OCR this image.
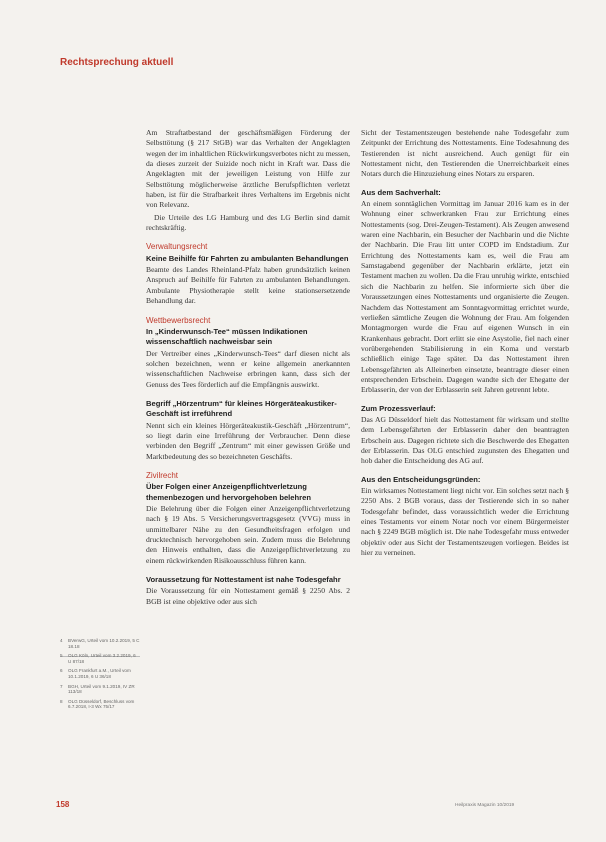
Rechtsprechung aktuell

Am Straftatbestand der geschäftsmäßigen Förderung der Selbsttötung (§ 217 StGB) war das Verhalten der Angeklagten wegen der im inhaltlichen Rückwirkungsverbotes nicht zu messen, da dieses zurzeit der Suizide noch nicht in Kraft war. Dass die Angeklagten mit der jeweiligen Leistung von Hilfe zur Selbsttötung möglicherweise ärztliche Berufspflichten verletzt haben, ist für die Strafbarkeit ihres Verhaltens im Ergebnis nicht von Relevanz.

Die Urteile des LG Hamburg und des LG Berlin sind damit rechtskräftig.

Verwaltungsrecht
Keine Beihilfe für Fahrten zu ambulanten Behandlungen

Beamte des Landes Rheinland-Pfalz haben grundsätzlich keinen Anspruch auf Beihilfe für Fahrten zu ambulanten Behandlungen. Ambulante Physiotherapie stellt keine stationsersetzende Behandlung dar.

Wettbewerbsrecht
In „Kinderwunsch-Tee“ müssen Indikationen wissenschaftlich nachweisbar sein

Der Vertreiber eines „Kinderwunsch-Tees“ darf diesen nicht als solchen bezeichnen, wenn er keine allgemein anerkannten wissenschaftlichen Nachweise erbringen kann, dass sich der Genuss des Tees förderlich auf die Empfängnis auswirkt.

Begriff „Hörzentrum“ für kleines Hörgeräteakustiker-Geschäft ist irreführend

Nennt sich ein kleines Hörgeräteakustik-Geschäft „Hörzentrum“, so liegt darin eine Irreführung der Verbraucher. Denn diese verbinden den Begriff „Zentrum“ mit einer gewissen Größe und Marktbedeutung des so bezeichneten Geschäfts.

Zivilrecht
Über Folgen einer Anzeigenpflichtverletzung themenbezogen und hervorgehoben belehren

Die Belehrung über die Folgen einer Anzeigenpflichtverletzung nach § 19 Abs. 5 Versicherungsvertragsgesetz (VVG) muss in unmittelbarer Nähe zu den Gesundheitsfragen erfolgen und drucktechnisch hervorgehoben sein. Zudem muss die Belehrung den Hinweis enthalten, dass die Anzeigepflichtverletzung zu einem rückwirkenden Risikoausschluss führen kann.

Voraussetzung für Nottestament ist nahe Todesgefahr

Die Voraussetzung für ein Nottestament gemäß § 2250 Abs. 2 BGB ist eine objektive oder aus sich

Sicht der Testamentszeugen bestehende nahe Todesgefahr zum Zeitpunkt der Errichtung des Nottestaments. Eine Todesahnung des Testierenden ist nicht ausreichend. Auch genügt für ein Nottestament nicht, den Testierenden die Unerreichbarkeit eines Notars durch die Hinzuziehung eines Notars zu ersparen.

Aus dem Sachverhalt:

An einem sonntäglichen Vormittag im Januar 2016 kam es in der Wohnung einer schwerkranken Frau zur Errichtung eines Nottestaments (sog. Drei-Zeugen-Testament). Als Zeugen anwesend waren eine Nachbarin, ein Besucher der Nachbarin und die Nichte der Nachbarin. Die Frau litt unter COPD im Endstadium. Zur Errichtung des Nottestaments kam es, weil die Frau am Samstagabend gegenüber der Nachbarin erklärte, jetzt ein Testament machen zu wollen. Da die Frau unruhig wirkte, entschied sich die Nachbarin zu helfen. Sie informierte sich über die Voraussetzungen eines Nottestaments und organisierte die Zeugen. Nachdem das Nottestament am Sonntagvormittag errichtet wurde, verließen sämtliche Zeugen die Wohnung der Frau. Am folgenden Montagmorgen wurde die Frau auf eigenen Wunsch in ein Krankenhaus gebracht. Dort erlitt sie eine Asystolie, fiel nach einer vorübergehenden Stabilisierung in ein Koma und verstarb schließlich einige Tage später. Da das Nottestament ihren Lebensgefährten als Alleinerben einsetzte, beantragte dieser einen entsprechenden Erbschein. Dagegen wandte sich der Ehegatte der Erblasserin, der von der Erblasserin seit Jahren getrennt lebte.

Zum Prozessverlauf:

Das AG Düsseldorf hielt das Nottestament für wirksam und stellte dem Lebensgefährten der Erblasserin daher den beantragten Erbschein aus. Dagegen richtete sich die Beschwerde des Ehegatten der Erblasserin. Das OLG entschied zugunsten des Ehegatten und hob daher die Entscheidung des AG auf.

Aus den Entscheidungsgründen:

Ein wirksames Nottestament liegt nicht vor. Ein solches setzt nach § 2250 Abs. 2 BGB voraus, dass der Testierende sich in so naher Todesgefahr befindet, dass voraussichtlich weder die Errichtung eines Testaments vor einem Notar noch vor einem Bürgermeister nach § 2249 BGB möglich ist. Die nahe Todesgefahr muss entweder objektiv oder aus Sicht der Testamentszeugen vorliegen. Beides ist hier zu verneinen.

4	BVerwG, Urteil vom 10.2.2019, 5 C 18.18
5	OLG Köln, Urteil vom 3.2.2019, 6 U 87/18
6	OLG Frankfurt a.M., Urteil vom 10.1.2019, 6 U 36/18
7	BGH, Urteil vom 9.1.2019, IV ZR 113/18
8	OLG Düsseldorf, Beschluss vom 6.7.2018, I-3 Wx 75/17
158	Heilpraxis Magazin 10/2019
